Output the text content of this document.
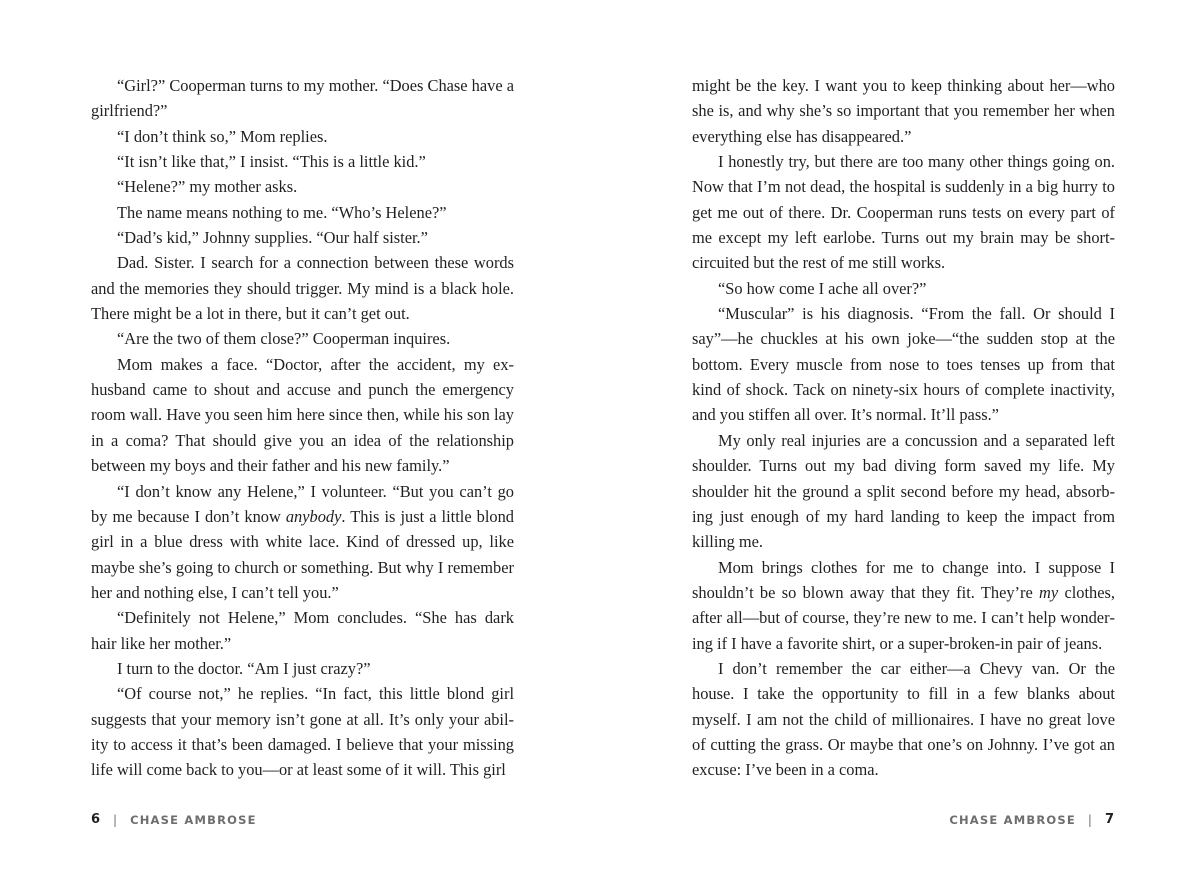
“Girl?” Cooperman turns to my mother. “Does Chase have a girlfriend?”

“I don’t think so,” Mom replies.

“It isn’t like that,” I insist. “This is a little kid.”

“Helene?” my mother asks.

The name means nothing to me. “Who’s Helene?”

“Dad’s kid,” Johnny supplies. “Our half sister.”

Dad. Sister. I search for a connection between these words and the memories they should trigger. My mind is a black hole. There might be a lot in there, but it can’t get out.

“Are the two of them close?” Cooperman inquires.

Mom makes a face. “Doctor, after the accident, my ex-husband came to shout and accuse and punch the emergency room wall. Have you seen him here since then, while his son lay in a coma? That should give you an idea of the relationship between my boys and their father and his new family.”

“I don’t know any Helene,” I volunteer. “But you can’t go by me because I don’t know anybody. This is just a little blond girl in a blue dress with white lace. Kind of dressed up, like maybe she’s going to church or something. But why I remember her and nothing else, I can’t tell you.”

“Definitely not Helene,” Mom concludes. “She has dark hair like her mother.”

I turn to the doctor. “Am I just crazy?”

“Of course not,” he replies. “In fact, this little blond girl suggests that your memory isn’t gone at all. It’s only your ability to access it that’s been damaged. I believe that your missing life will come back to you—or at least some of it will. This girl

6 | CHASE AMBROSE

might be the key. I want you to keep thinking about her—who she is, and why she’s so important that you remember her when everything else has disappeared.”

I honestly try, but there are too many other things going on. Now that I’m not dead, the hospital is suddenly in a big hurry to get me out of there. Dr. Cooperman runs tests on every part of me except my left earlobe. Turns out my brain may be short-circuited but the rest of me still works.

“So how come I ache all over?”

“Muscular” is his diagnosis. “From the fall. Or should I say”—he chuckles at his own joke—“the sudden stop at the bottom. Every muscle from nose to toes tenses up from that kind of shock. Tack on ninety-six hours of complete inactivity, and you stiffen all over. It’s normal. It’ll pass.”

My only real injuries are a concussion and a separated left shoulder. Turns out my bad diving form saved my life. My shoulder hit the ground a split second before my head, absorbing just enough of my hard landing to keep the impact from killing me.

Mom brings clothes for me to change into. I suppose I shouldn’t be so blown away that they fit. They’re my clothes, after all—but of course, they’re new to me. I can’t help wondering if I have a favorite shirt, or a super-broken-in pair of jeans.

I don’t remember the car either—a Chevy van. Or the house. I take the opportunity to fill in a few blanks about myself. I am not the child of millionaires. I have no great love of cutting the grass. Or maybe that one’s on Johnny. I’ve got an excuse: I’ve been in a coma.

CHASE AMBROSE | 7
